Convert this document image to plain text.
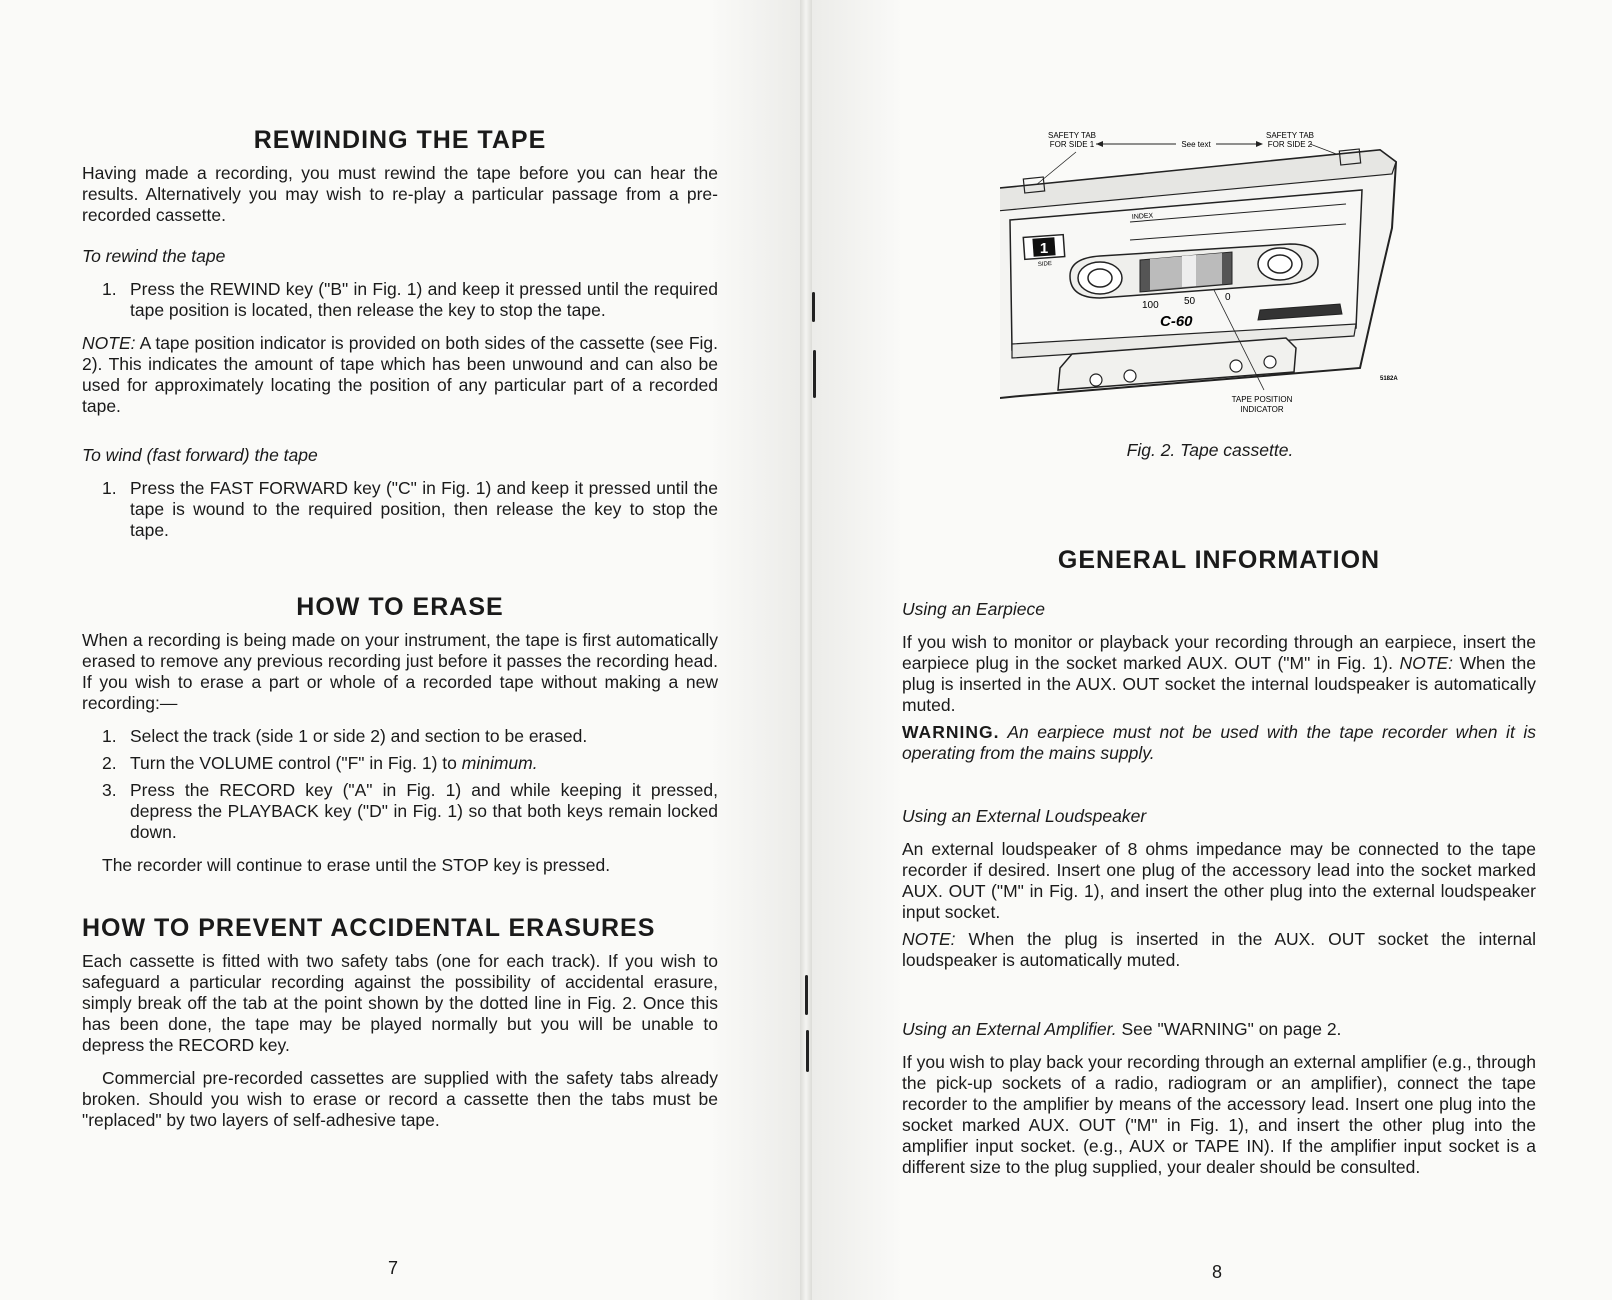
REWINDING THE TAPE

Having made a recording, you must rewind the tape before you can hear the results. Alternatively you may wish to re-play a particular passage from a pre-recorded cassette.

To rewind the tape

1. Press the REWIND key ("B" in Fig. 1) and keep it pressed until the required tape position is located, then release the key to stop the tape.

NOTE: A tape position indicator is provided on both sides of the cassette (see Fig. 2). This indicates the amount of tape which has been unwound and can also be used for approximately locating the position of any particular part of a recorded tape.

To wind (fast forward) the tape

1. Press the FAST FORWARD key ("C" in Fig. 1) and keep it pressed until the tape is wound to the required position, then release the key to stop the tape.
HOW TO ERASE

When a recording is being made on your instrument, the tape is first automatically erased to remove any previous recording just before it passes the recording head. If you wish to erase a part or whole of a recorded tape without making a new recording:—

1. Select the track (side 1 or side 2) and section to be erased.
2. Turn the VOLUME control ("F" in Fig. 1) to minimum.
3. Press the RECORD key ("A" in Fig. 1) and while keeping it pressed, depress the PLAYBACK key ("D" in Fig. 1) so that both keys remain locked down.

The recorder will continue to erase until the STOP key is pressed.

HOW TO PREVENT ACCIDENTAL ERASURES

Each cassette is fitted with two safety tabs (one for each track). If you wish to safeguard a particular recording against the possibility of accidental erasure, simply break off the tab at the point shown by the dotted line in Fig. 2. Once this has been done, the tape may be played normally but you will be unable to depress the RECORD key.

Commercial pre-recorded cassettes are supplied with the safety tabs already broken. Should you wish to erase or record a cassette then the tabs must be "replaced" by two layers of self-adhesive tape.

7
SAFETY TAB
FOR SIDE 1	See text
SAFETY TAB
FOR SIDE 2
INDEX
1
SIDE
100	50	0
C-60
5182A
TAPE POSITION
INDICATOR
Fig. 2. Tape cassette.
GENERAL INFORMATION

Using an Earpiece

If you wish to monitor or playback your recording through an earpiece, insert the earpiece plug in the socket marked AUX. OUT ("M" in Fig. 1). NOTE: When the plug is inserted in the AUX. OUT socket the internal loudspeaker is automatically muted.

WARNING. An earpiece must not be used with the tape recorder when it is operating from the mains supply.

Using an External Loudspeaker

An external loudspeaker of 8 ohms impedance may be connected to the tape recorder if desired. Insert one plug of the accessory lead into the socket marked AUX. OUT ("M" in Fig. 1), and insert the other plug into the external loudspeaker input socket.

NOTE: When the plug is inserted in the AUX. OUT socket the internal loudspeaker is automatically muted.

Using an External Amplifier. See "WARNING" on page 2.

If you wish to play back your recording through an external amplifier (e.g., through the pick-up sockets of a radio, radiogram or an amplifier), connect the tape recorder to the amplifier by means of the accessory lead. Insert one plug into the socket marked AUX. OUT ("M" in Fig. 1), and insert the other plug into the amplifier input socket. (e.g., AUX or TAPE IN). If the amplifier input socket is a different size to the plug supplied, your dealer should be consulted.

8
